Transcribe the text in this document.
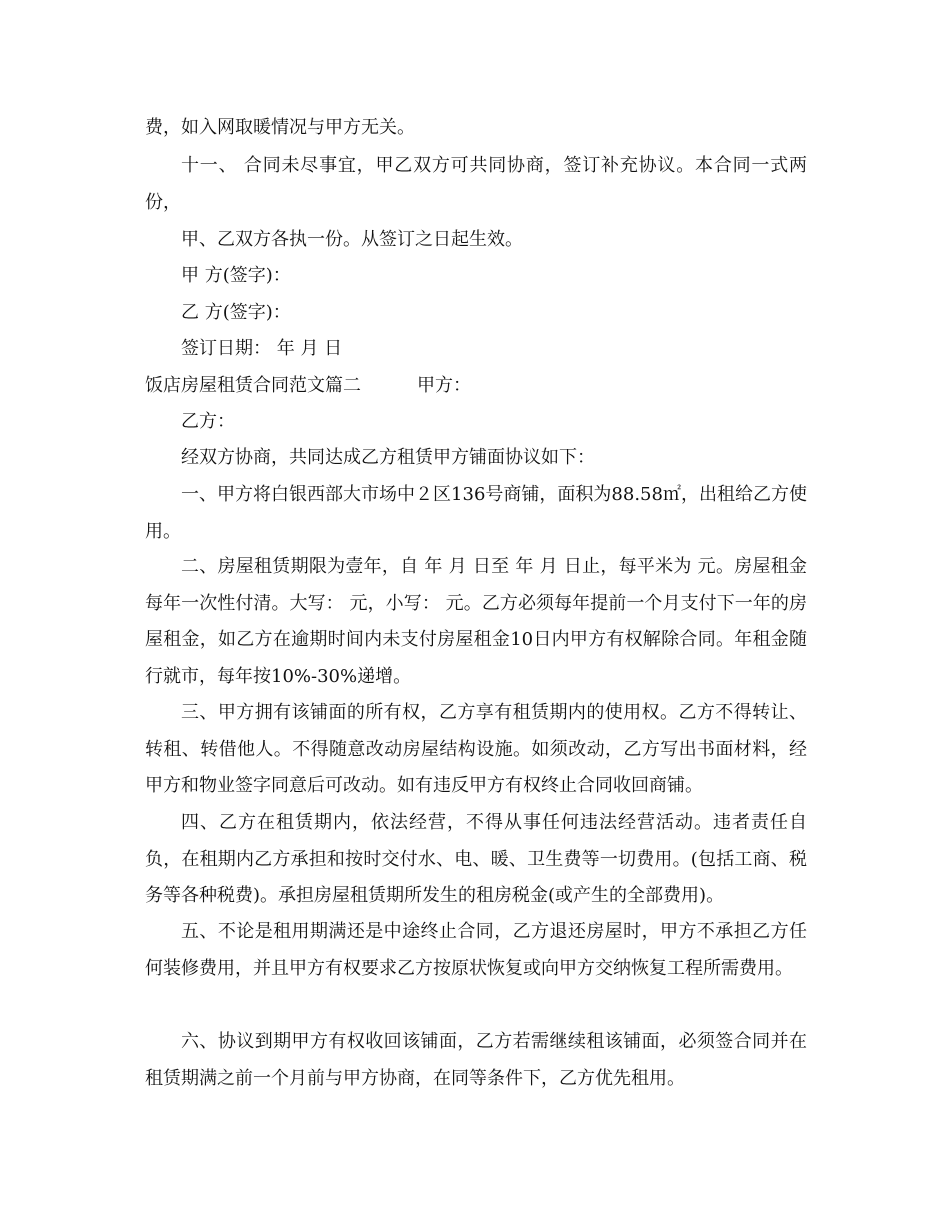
费，如入网取暖情况与甲方无关。

十一、 合同未尽事宜，甲乙双方可共同协商，签订补充协议。本合同一式两份，

甲、乙双方各执一份。从签订之日起生效。

甲 方(签字)：

乙 方(签字)：

签订日期： 年 月 日

饭店房屋租赁合同范文篇二	甲方：

乙方：

经双方协商，共同达成乙方租赁甲方铺面协议如下：

一、甲方将白银西部大市场中２区136号商铺，面积为88.58㎡，出租给乙方使用。

二、房屋租赁期限为壹年，自 年 月 日至 年 月 日止，每平米为 元。房屋租金每年一次性付清。大写： 元，小写： 元。乙方必须每年提前一个月支付下一年的房屋租金，如乙方在逾期时间内未支付房屋租金10日内甲方有权解除合同。年租金随行就市，每年按10%-30%递增。

三、甲方拥有该铺面的所有权，乙方享有租赁期内的使用权。乙方不得转让、转租、转借他人。不得随意改动房屋结构设施。如须改动，乙方写出书面材料，经甲方和物业签字同意后可改动。如有违反甲方有权终止合同收回商铺。

四、乙方在租赁期内，依法经营，不得从事任何违法经营活动。违者责任自负，在租期内乙方承担和按时交付水、电、暖、卫生费等一切费用。(包括工商、税务等各种税费)。承担房屋租赁期所发生的租房税金(或产生的全部费用)。

五、不论是租用期满还是中途终止合同，乙方退还房屋时，甲方不承担乙方任何装修费用，并且甲方有权要求乙方按原状恢复或向甲方交纳恢复工程所需费用。

六、协议到期甲方有权收回该铺面，乙方若需继续租该铺面，必须签合同并在租赁期满之前一个月前与甲方协商，在同等条件下，乙方优先租用。
